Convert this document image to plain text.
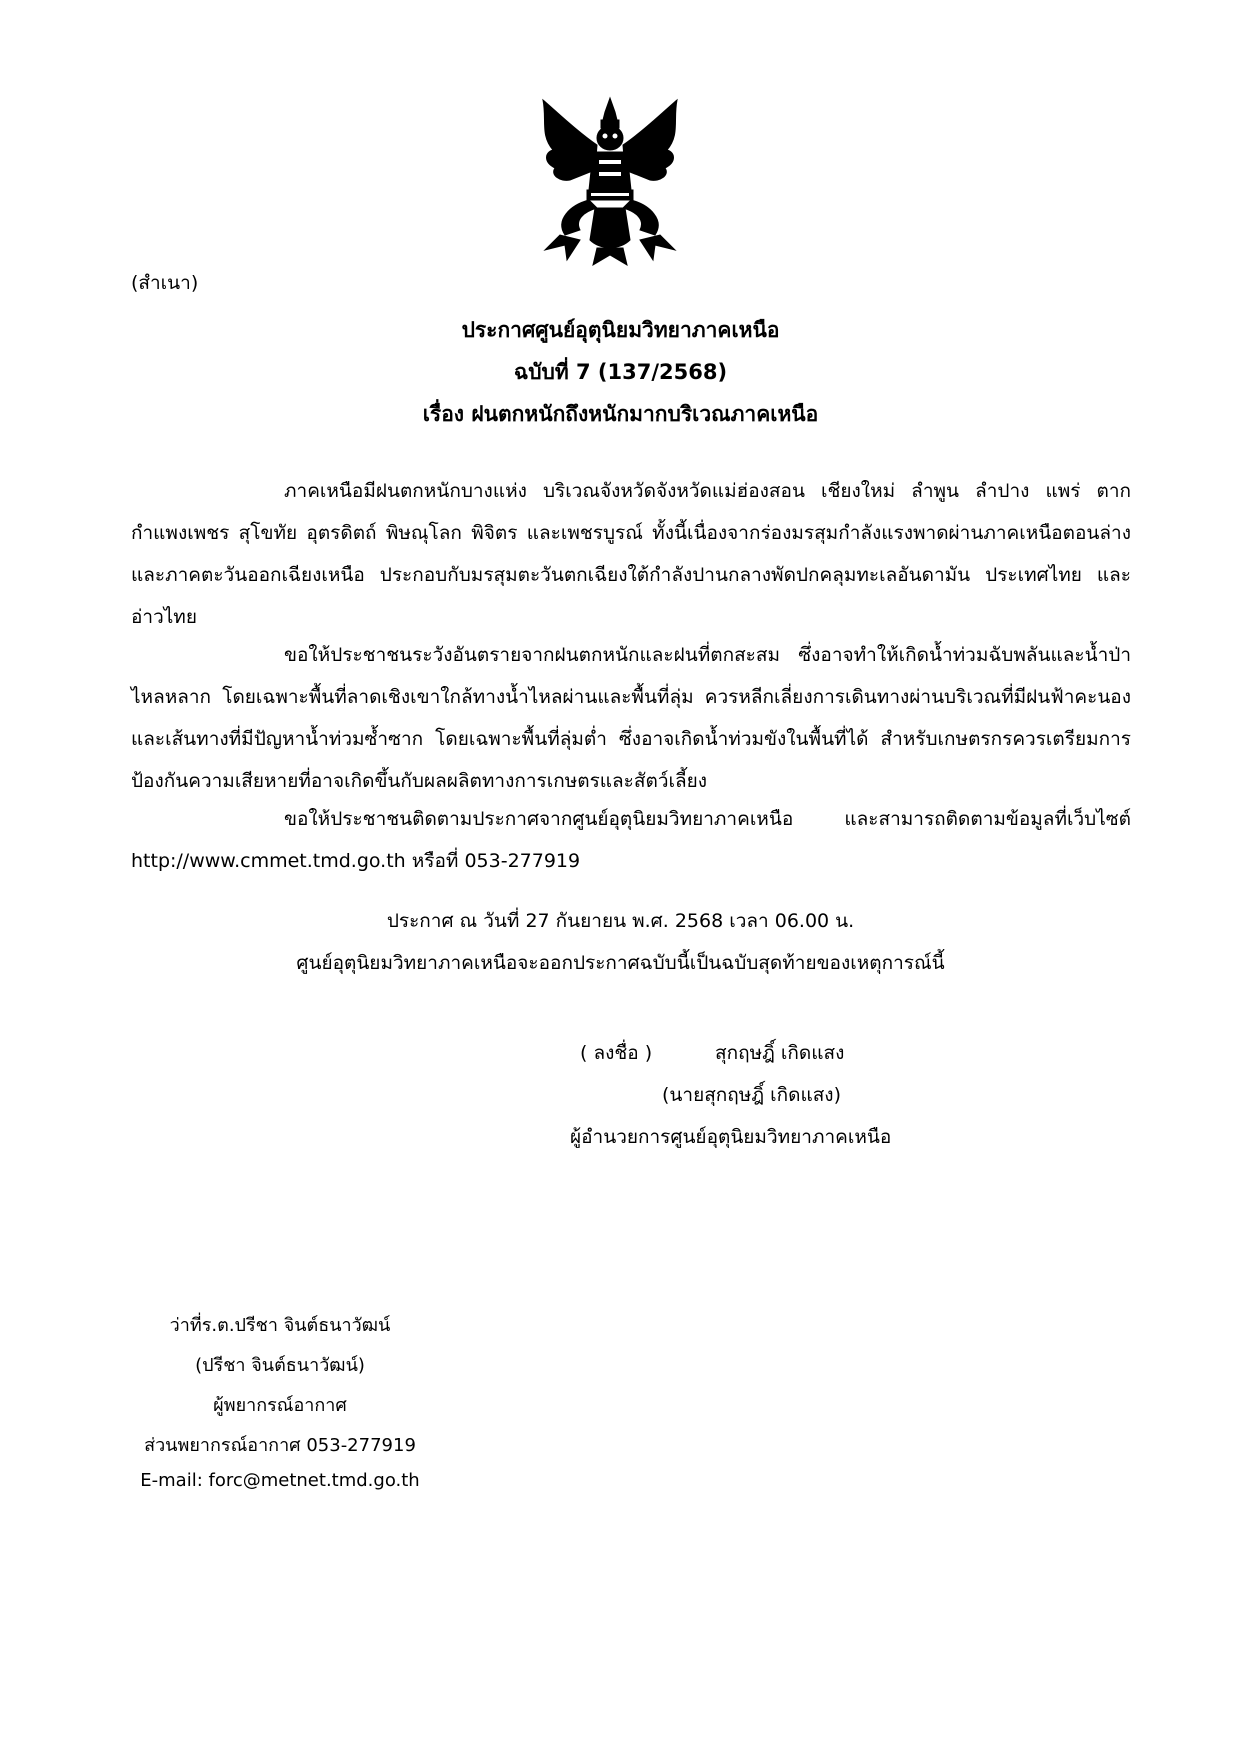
(สำเนา)
ประกาศศูนย์อุตุนิยมวิทยาภาคเหนือ
ฉบับที่ 7 (137/2568)
เรื่อง ฝนตกหนักถึงหนักมากบริเวณภาคเหนือ
ภาคเหนือมีฝนตกหนักบางแห่ง บริเวณจังหวัดจังหวัดแม่ฮ่องสอน เชียงใหม่ ลำพูน ลำปาง แพร่ ตาก กำแพงเพชร สุโขทัย อุตรดิตถ์ พิษณุโลก พิจิตร และเพชรบูรณ์ ทั้งนี้เนื่องจากร่องมรสุมกำลังแรงพาดผ่านภาคเหนือตอนล่าง และภาคตะวันออกเฉียงเหนือ ประกอบกับมรสุมตะวันตกเฉียงใต้กำลังปานกลางพัดปกคลุมทะเลอันดามัน ประเทศไทย และอ่าวไทย
ขอให้ประชาชนระวังอันตรายจากฝนตกหนักและฝนที่ตกสะสม ซึ่งอาจทำให้เกิดน้ำท่วมฉับพลันและน้ำป่าไหลหลาก โดยเฉพาะพื้นที่ลาดเชิงเขาใกล้ทางน้ำไหลผ่านและพื้นที่ลุ่ม ควรหลีกเลี่ยงการเดินทางผ่านบริเวณที่มีฝนฟ้าคะนอง และเส้นทางที่มีปัญหาน้ำท่วมซ้ำซาก โดยเฉพาะพื้นที่ลุ่มต่ำ ซึ่งอาจเกิดน้ำท่วมขังในพื้นที่ได้ สำหรับเกษตรกรควรเตรียมการป้องกันความเสียหายที่อาจเกิดขึ้นกับผลผลิตทางการเกษตรและสัตว์เลี้ยง
ขอให้ประชาชนติดตามประกาศจากศูนย์อุตุนิยมวิทยาภาคเหนือ และสามารถติดตามข้อมูลที่เว็บไซต์ http://www.cmmet.tmd.go.th หรือที่ 053-277919
ประกาศ ณ วันที่ 27 กันยายน พ.ศ. 2568 เวลา 06.00 น.
ศูนย์อุตุนิยมวิทยาภาคเหนือจะออกประกาศฉบับนี้เป็นฉบับสุดท้ายของเหตุการณ์นี้
( ลงชื่อ )	สุกฤษฎิ์ เกิดแสง
(นายสุกฤษฎิ์ เกิดแสง)
ผู้อำนวยการศูนย์อุตุนิยมวิทยาภาคเหนือ
ว่าที่ร.ต.ปรีชา จินต์ธนาวัฒน์
(ปรีชา จินต์ธนาวัฒน์)
ผู้พยากรณ์อากาศ
ส่วนพยากรณ์อากาศ 053-277919
E-mail: forc@metnet.tmd.go.th
